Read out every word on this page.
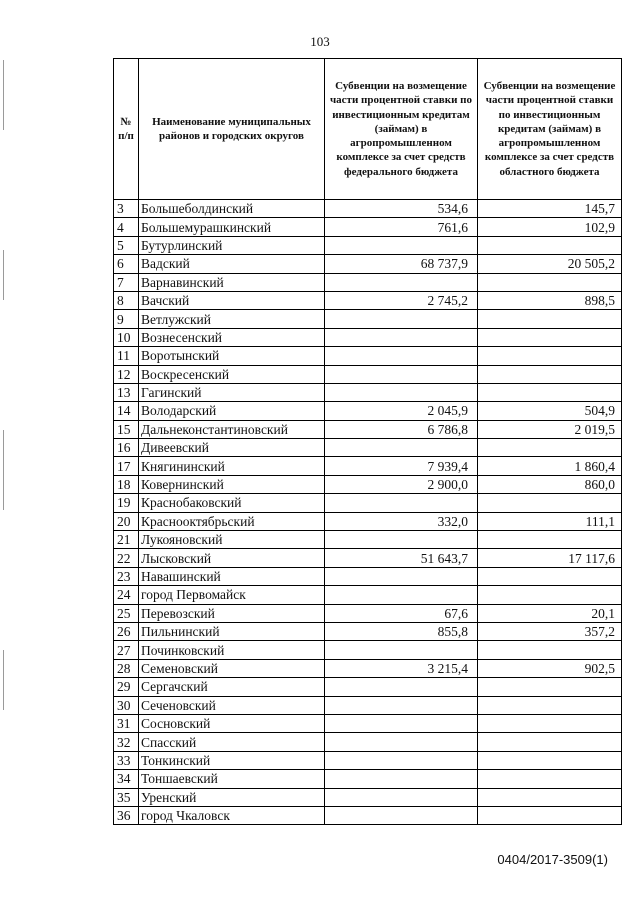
103
№ п/п	Наименование муниципальных районов и городских округов	Субвенции на возмещение части процентной ставки по инвестиционным кредитам (займам) в агропромышленном комплексе за счет средств федерального бюджета	Субвенции на возмещение части процентной ставки по инвестиционным кредитам (займам) в агропромышленном комплексе за счет средств областного бюджета
3	Большеболдинский	534,6	145,7
4	Большемурашкинский	761,6	102,9
5	Бутурлинский		
6	Вадский	68 737,9	20 505,2
7	Варнавинский		
8	Вачский	2 745,2	898,5
9	Ветлужский		
10	Вознесенский		
11	Воротынский		
12	Воскресенский		
13	Гагинский		
14	Володарский	2 045,9	504,9
15	Дальнеконстантиновский	6 786,8	2 019,5
16	Дивеевский		
17	Княгининский	7 939,4	1 860,4
18	Ковернинский	2 900,0	860,0
19	Краснобаковский		
20	Краснооктябрьский	332,0	111,1
21	Лукояновский		
22	Лысковский	51 643,7	17 117,6
23	Навашинский		
24	город Первомайск		
25	Перевозский	67,6	20,1
26	Пильнинский	855,8	357,2
27	Починковский		
28	Семеновский	3 215,4	902,5
29	Сергачский		
30	Сеченовский		
31	Сосновский		
32	Спасский		
33	Тонкинский		
34	Тоншаевский		
35	Уренский		
36	город Чкаловск		
0404/2017-3509(1)
